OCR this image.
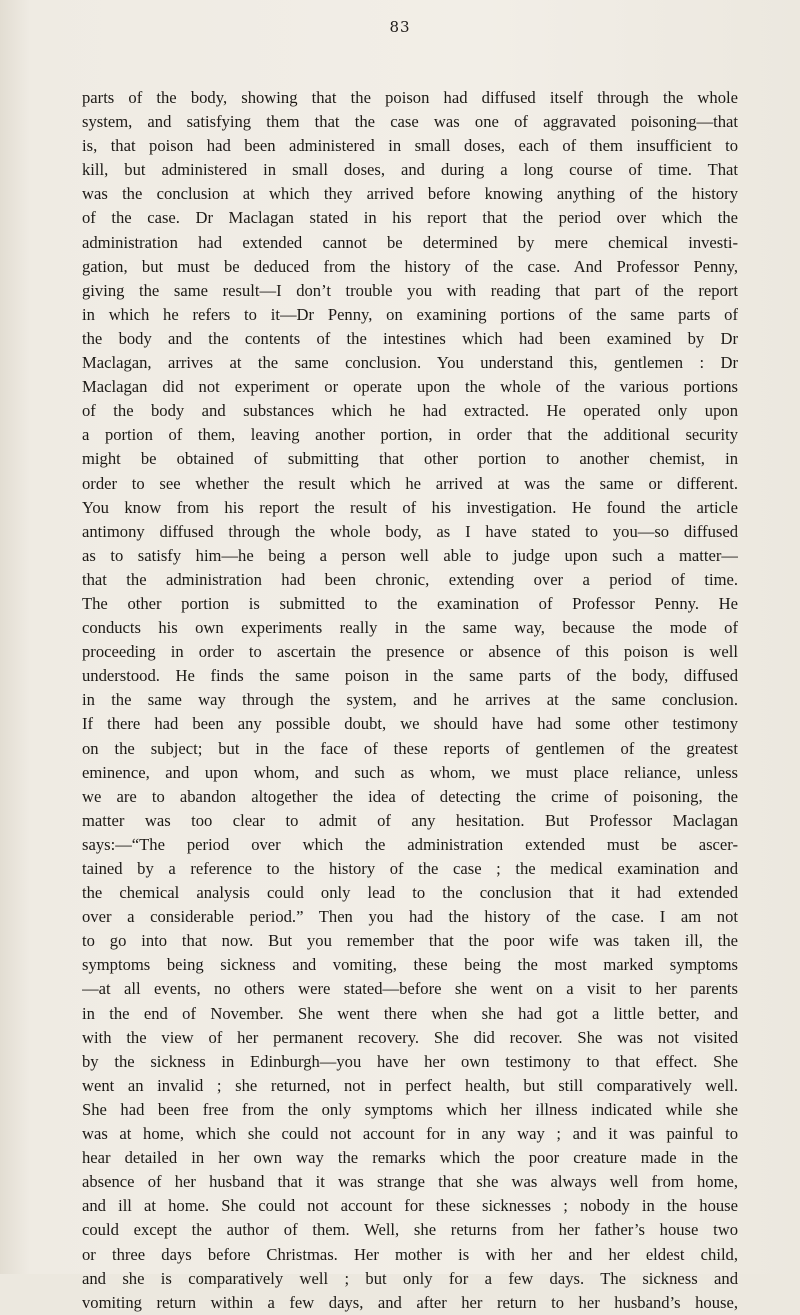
83

parts of the body, showing that the poison had diffused itself through the whole
system, and satisfying them that the case was one of aggravated poisoning—that
is, that poison had been administered in small doses, each of them insufficient to
kill, but administered in small doses, and during a long course of time. That
was the conclusion at which they arrived before knowing anything of the history
of the case. Dr Maclagan stated in his report that the period over which the
administration had extended cannot be determined by mere chemical investi-
gation, but must be deduced from the history of the case. And Professor Penny,
giving the same result—I don’t trouble you with reading that part of the report
in which he refers to it—Dr Penny, on examining portions of the same parts of
the body and the contents of the intestines which had been examined by Dr
Maclagan, arrives at the same conclusion. You understand this, gentlemen : Dr
Maclagan did not experiment or operate upon the whole of the various portions
of the body and substances which he had extracted. He operated only upon
a portion of them, leaving another portion, in order that the additional security
might be obtained of submitting that other portion to another chemist, in
order to see whether the result which he arrived at was the same or different.
You know from his report the result of his investigation. He found the article
antimony diffused through the whole body, as I have stated to you—so diffused
as to satisfy him—he being a person well able to judge upon such a matter—
that the administration had been chronic, extending over a period of time.
The other portion is submitted to the examination of Professor Penny. He
conducts his own experiments really in the same way, because the mode of
proceeding in order to ascertain the presence or absence of this poison is well
understood. He finds the same poison in the same parts of the body, diffused
in the same way through the system, and he arrives at the same conclusion.
If there had been any possible doubt, we should have had some other testimony
on the subject; but in the face of these reports of gentlemen of the greatest
eminence, and upon whom, and such as whom, we must place reliance, unless
we are to abandon altogether the idea of detecting the crime of poisoning, the
matter was too clear to admit of any hesitation. But Professor Maclagan
says:—“The period over which the administration extended must be ascer-
tained by a reference to the history of the case ; the medical examination and
the chemical analysis could only lead to the conclusion that it had extended
over a considerable period.” Then you had the history of the case. I am not
to go into that now. But you remember that the poor wife was taken ill, the
symptoms being sickness and vomiting, these being the most marked symptoms
—at all events, no others were stated—before she went on a visit to her parents
in the end of November. She went there when she had got a little better, and
with the view of her permanent recovery. She did recover. She was not visited
by the sickness in Edinburgh—you have her own testimony to that effect. She
went an invalid ; she returned, not in perfect health, but still comparatively well.
She had been free from the only symptoms which her illness indicated while she
was at home, which she could not account for in any way ; and it was painful to
hear detailed in her own way the remarks which the poor creature made in the
absence of her husband that it was strange that she was always well from home,
and ill at home. She could not account for these sicknesses ; nobody in the house
could except the author of them. Well, she returns from her father’s house two
or three days before Christmas. Her mother is with her and her eldest child,
and she is comparatively well ; but only for a few days. The sickness and
vomiting return within a few days, and after her return to her husband’s house,
